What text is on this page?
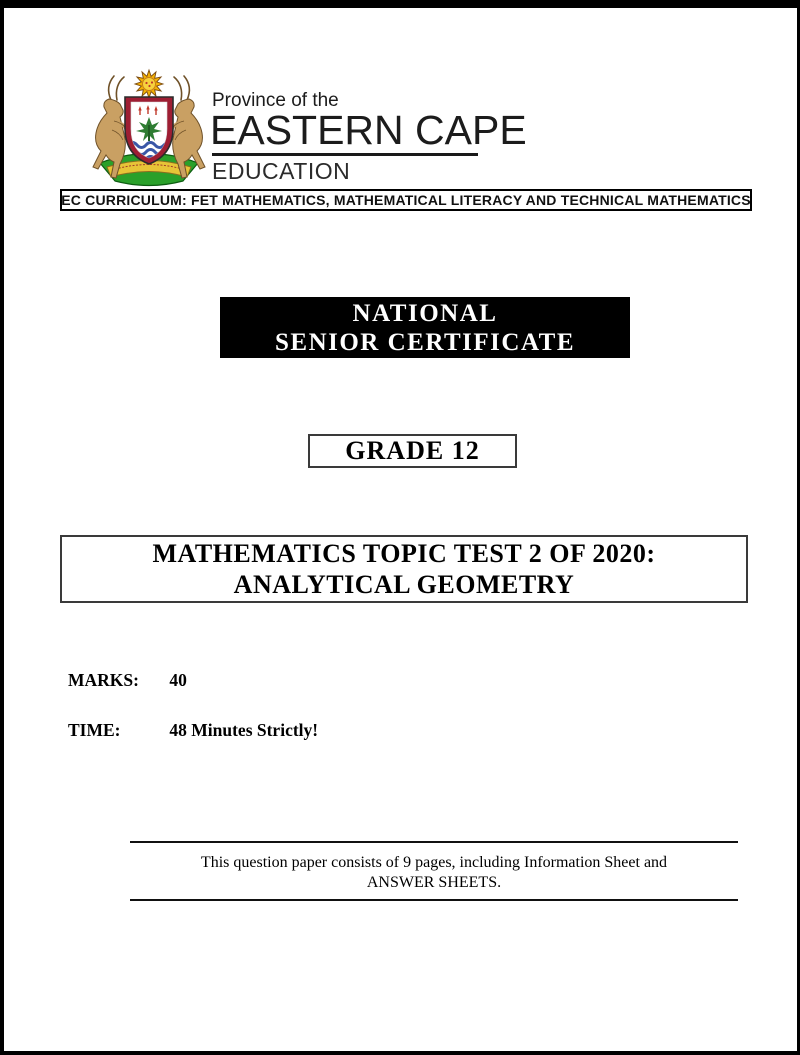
Province of the
EASTERN CAPE
EDUCATION
EC CURRICULUM: FET MATHEMATICS, MATHEMATICAL LITERACY AND TECHNICAL MATHEMATICS
NATIONAL
SENIOR CERTIFICATE
GRADE 12
MATHEMATICS TOPIC TEST 2 OF 2020:
ANALYTICAL GEOMETRY
MARKS: 40
TIME:	48 Minutes Strictly!
This question paper consists of 9 pages, including Information Sheet and
ANSWER SHEETS.
